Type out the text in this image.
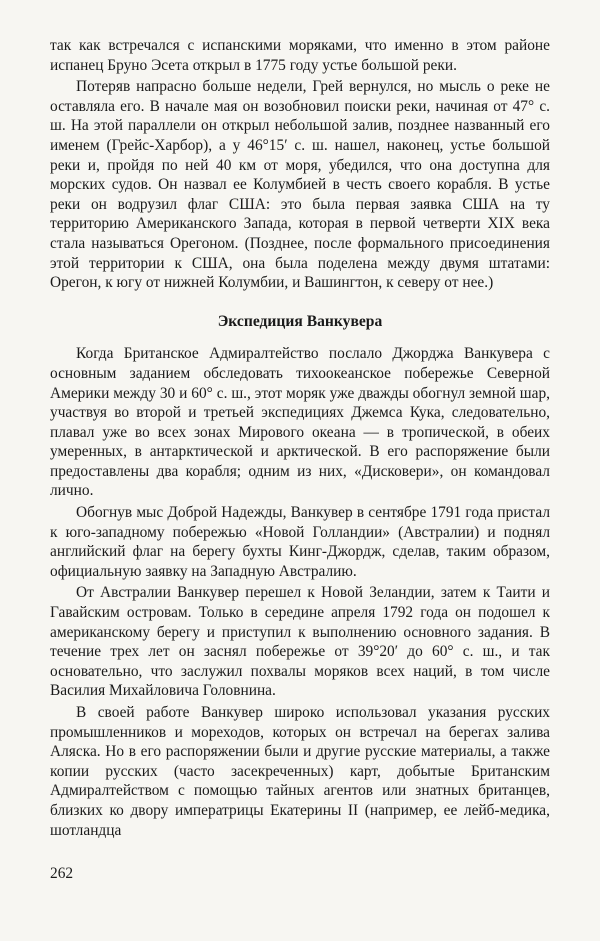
так как встречался с испанскими моряками, что именно в этом районе испанец Бруно Эсета открыл в 1775 году устье большой реки.

Потеряв напрасно больше недели, Грей вернулся, но мысль о реке не оставляла его. В начале мая он возобновил поиски реки, начиная от 47° с. ш. На этой параллели он открыл небольшой залив, позднее названный его именем (Грейс-Харбор), а у 46°15′ с. ш. нашел, наконец, устье большой реки и, пройдя по ней 40 км от моря, убедился, что она доступна для морских судов. Он назвал ее Колумбией в честь своего корабля. В устье реки он водрузил флаг США: это была первая заявка США на ту территорию Американского Запада, которая в первой четверти XIX века стала называться Орегоном. (Позднее, после формального присоединения этой территории к США, она была поделена между двумя штатами: Орегон, к югу от нижней Колумбии, и Вашингтон, к северу от нее.)

Экспедиция Ванкувера

Когда Британское Адмиралтейство послало Джорджа Ванкувера с основным заданием обследовать тихоокеанское побережье Северной Америки между 30 и 60° с. ш., этот моряк уже дважды обогнул земной шар, участвуя во второй и третьей экспедициях Джемса Кука, следовательно, плавал уже во всех зонах Мирового океана — в тропической, в обеих умеренных, в антарктической и арктической. В его распоряжение были предоставлены два корабля; одним из них, «Дисковери», он командовал лично.

Обогнув мыс Доброй Надежды, Ванкувер в сентябре 1791 года пристал к юго-западному побережью «Новой Голландии» (Австралии) и поднял английский флаг на берегу бухты Кинг-Джордж, сделав, таким образом, официальную заявку на Западную Австралию.

От Австралии Ванкувер перешел к Новой Зеландии, затем к Таити и Гавайским островам. Только в середине апреля 1792 года он подошел к американскому берегу и приступил к выполнению основного задания. В течение трех лет он заснял побережье от 39°20′ до 60° с. ш., и так основательно, что заслужил похвалы моряков всех наций, в том числе Василия Михайловича Головнина.

В своей работе Ванкувер широко использовал указания русских промышленников и мореходов, которых он встречал на берегах залива Аляска. Но в его распоряжении были и другие русские материалы, а также копии русских (часто засекреченных) карт, добытые Британским Адмиралтейством с помощью тайных агентов или знатных британцев, близких ко двору императрицы Екатерины II (например, ее лейб-медика, шотландца

262
